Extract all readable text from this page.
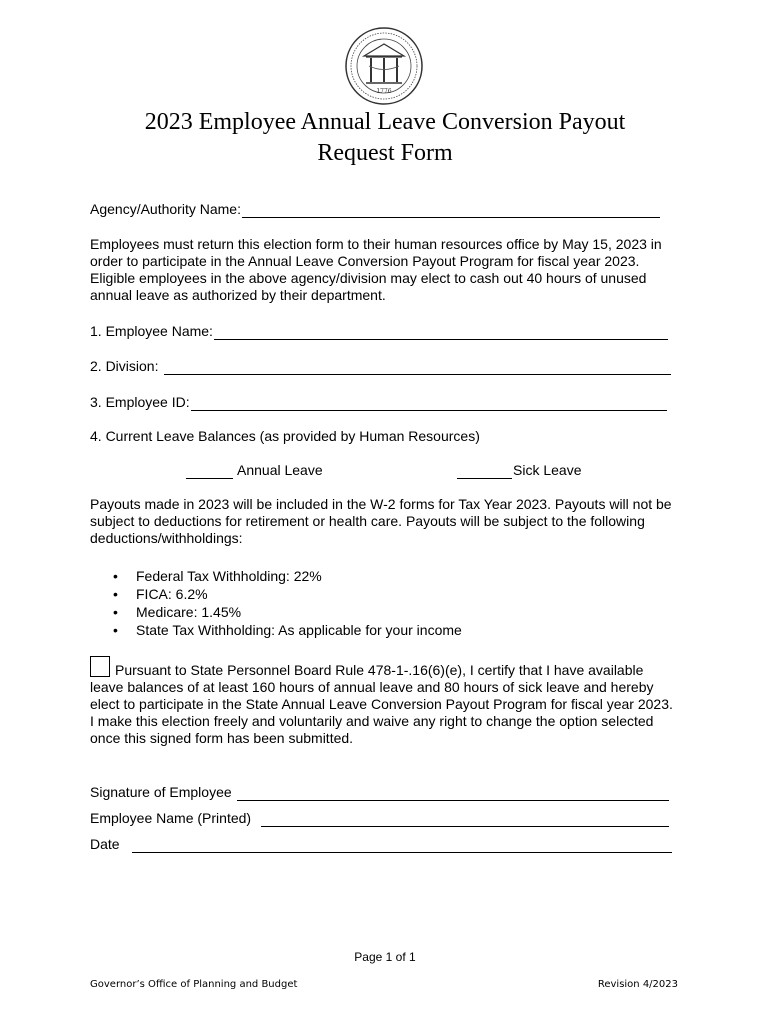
1776
2023 Employee Annual Leave Conversion Payout
Request Form
Agency/Authority Name:
Employees must return this election form to their human resources office by May 15, 2023 in order to participate in the Annual Leave Conversion Payout Program for fiscal year 2023. Eligible employees in the above agency/division may elect to cash out 40 hours of unused annual leave as authorized by their department.
1. Employee Name:
2. Division:
3. Employee ID:
4. Current Leave Balances (as provided by Human Resources)
Annual Leave	Sick Leave
Payouts made in 2023 will be included in the W-2 forms for Tax Year 2023. Payouts will not be subject to deductions for retirement or health care. Payouts will be subject to the following deductions/withholdings:
• Federal Tax Withholding: 22%
• FICA: 6.2%
• Medicare: 1.45%
• State Tax Withholding: As applicable for your income
Pursuant to State Personnel Board Rule 478-1-.16(6)(e), I certify that I have available leave balances of at least 160 hours of annual leave and 80 hours of sick leave and hereby elect to participate in the State Annual Leave Conversion Payout Program for fiscal year 2023. I make this election freely and voluntarily and waive any right to change the option selected once this signed form has been submitted.
Signature of Employee
Employee Name (Printed)
Date
Page 1 of 1
Governor’s Office of Planning and Budget	Revision 4/2023
